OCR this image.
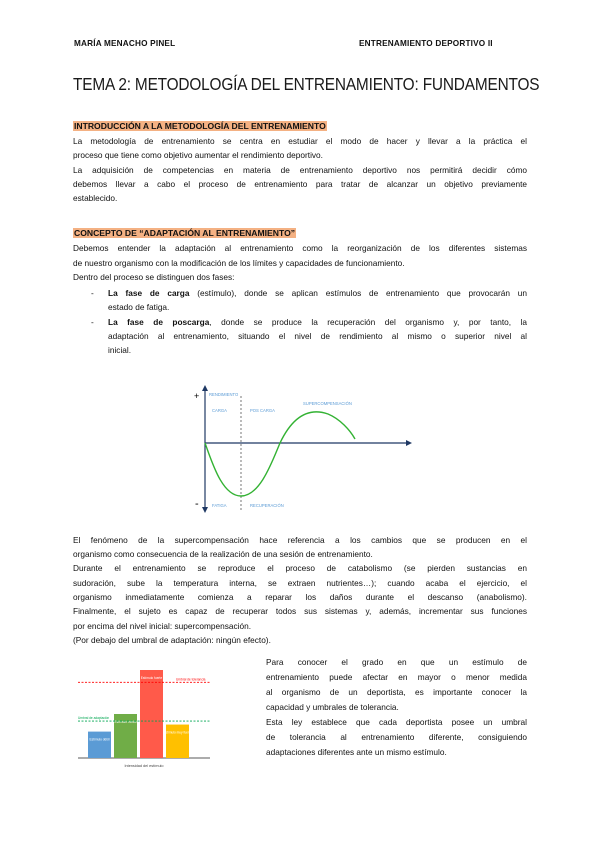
MARÍA MENACHO PINEL	ENTRENAMIENTO DEPORTIVO II
TEMA 2: METODOLOGÍA DEL ENTRENAMIENTO: FUNDAMENTOS
INTRODUCCIÓN A LA METODOLOGÍA DEL ENTRENAMIENTO

La metodología de entrenamiento se centra en estudiar el modo de hacer y llevar a la práctica el

proceso que tiene como objetivo aumentar el rendimiento deportivo.

La adquisición de competencias en materia de entrenamiento deportivo nos permitirá decidir cómo

debemos llevar a cabo el proceso de entrenamiento para tratar de alcanzar un objetivo previamente

establecido.

CONCEPTO DE “ADAPTACIÓN AL ENTRENAMIENTO”

Debemos entender la adaptación al entrenamiento como la reorganización de los diferentes sistemas

de nuestro organismo con la modificación de los límites y capacidades de funcionamiento.

Dentro del proceso se distinguen dos fases:

- La fase de carga (estímulo), donde se aplican estímulos de entrenamiento que provocarán un

estado de fatiga.

- La fase de poscarga, donde se produce la recuperación del organismo y, por tanto, la

adaptación al entrenamiento, situando el nivel de rendimiento al mismo o superior nivel al

inicial.

+
-
RENDIMIENTO
CARGA	POS CARGA
SUPERCOMPENSACIÓN
FATIGA	RECUPERACIÓN

El fenómeno de la supercompensación hace referencia a los cambios que se producen en el

organismo como consecuencia de la realización de una sesión de entrenamiento.

Durante el entrenamiento se reproduce el proceso de catabolismo (se pierden sustancias en

sudoración, sube la temperatura interna, se extraen nutrientes…); cuando acaba el ejercicio, el

organismo inmediatamente comienza a reparar los daños durante el descanso (anabolismo).

Finalmente, el sujeto es capaz de recuperar todos sus sistemas y, además, incrementar sus funciones

por encima del nivel inicial: supercompensación.

(Por debajo del umbral de adaptación: ningún efecto).

Estímulo débil
Estímulo medio
Estímulo fuerte
Estímulo muy fuerte
Umbral de tolerancia
Umbral de adaptación
Intensidad del estímulo

Para conocer el grado en que un estímulo de

entrenamiento puede afectar en mayor o menor medida

al organismo de un deportista, es importante conocer la

capacidad y umbrales de tolerancia.

Esta ley establece que cada deportista posee un umbral

de tolerancia al entrenamiento diferente, consiguiendo

adaptaciones diferentes ante un mismo estímulo.
